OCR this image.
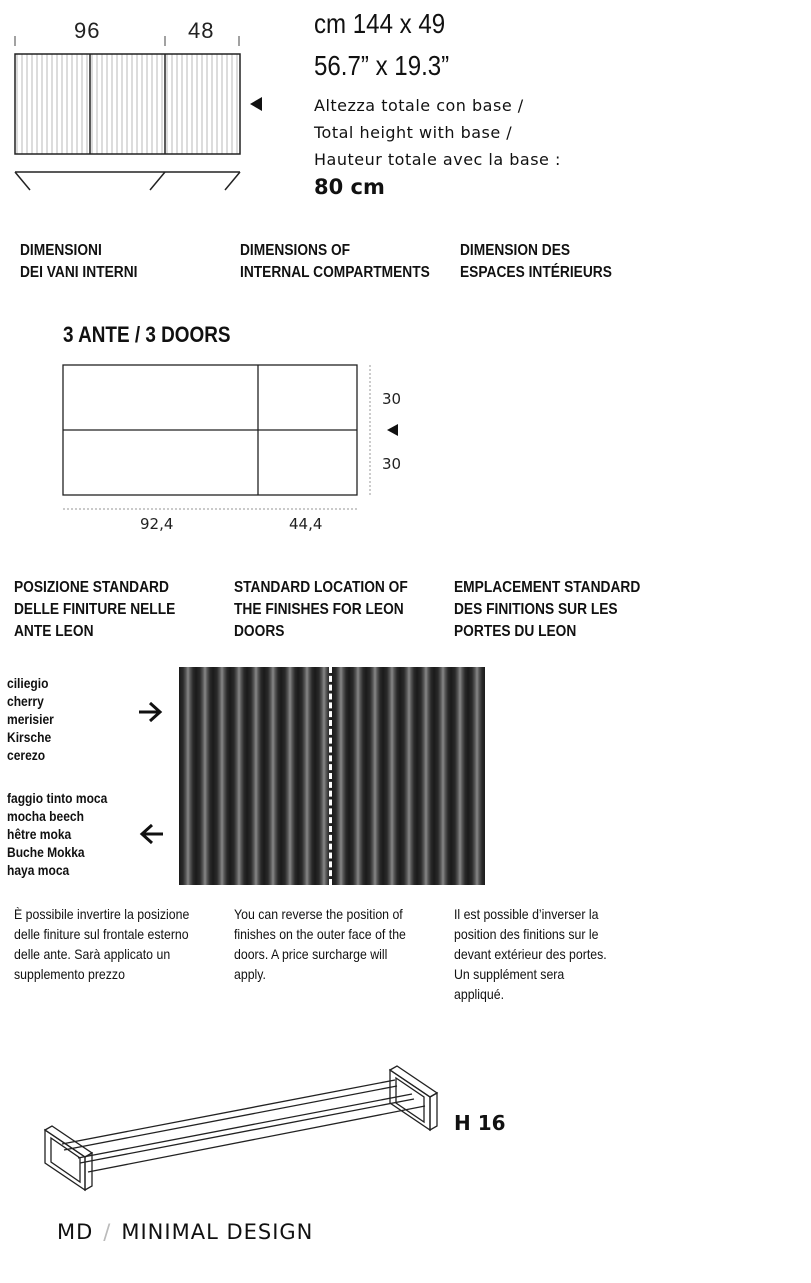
96	48	cm 144 x 49
56.7” x 19.3”
Altezza totale con base /
Total height with base /
Hauteur totale avec la base :
80 cm
DIMENSIONI
DEI VANI INTERNI
DIMENSIONS OF
INTERNAL COMPARTMENTS
DIMENSION DES
ESPACES INTÉRIEURS
3 ANTE / 3 DOORS
30
30
92,4	44,4
POSIZIONE STANDARD
DELLE FINITURE NELLE
ANTE LEON
STANDARD LOCATION OF
THE FINISHES FOR LEON
DOORS
EMPLACEMENT STANDARD
DES FINITIONS SUR LES
PORTES DU LEON
ciliegio
cherry
merisier
Kirsche
cerezo
faggio tinto moca
mocha beech
hêtre moka
Buche Mokka
haya moca
È possibile invertire la posizione
delle finiture sul frontale esterno
delle ante. Sarà applicato un
supplemento prezzo
You can reverse the position of
finishes on the outer face of the
doors. A price surcharge will
apply.
Il est possible d’inverser la
position des finitions sur le
devant extérieur des portes.
Un supplément sera
appliqué.
H 16
MD / MINIMAL DESIGN
